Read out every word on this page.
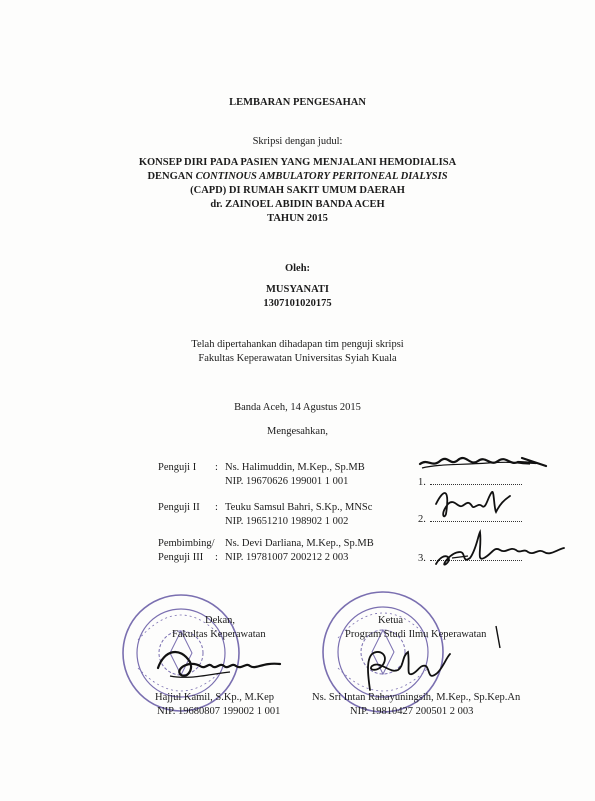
LEMBARAN PENGESAHAN
Skripsi dengan judul:
KONSEP DIRI PADA PASIEN YANG MENJALANI HEMODIALISA
DENGAN CONTINOUS AMBULATORY PERITONEAL DIALYSIS
(CAPD) DI RUMAH SAKIT UMUM DAERAH
dr. ZAINOEL ABIDIN BANDA ACEH
TAHUN 2015
Oleh:
MUSYANATI
1307101020175
Telah dipertahankan dihadapan tim penguji skripsi
Fakultas Keperawatan Universitas Syiah Kuala
Banda Aceh, 14 Agustus 2015
Mengesahkan,
Penguji I : Ns. Halimuddin, M.Kep., Sp.MB
NIP. 19670626 199001 1 001	1.
Penguji II : Teuku Samsul Bahri, S.Kp., MNSc
NIP. 19651210 198902 1 002	2.
Pembimbing/
Penguji III :
Ns. Devi Darliana, M.Kep., Sp.MB
NIP. 19781007 200212 2 003	3.
Dekan,
Fakultas Keperawatan
Hajjul Kamil, S.Kp., M.Kep
NIP. 19680807 199002 1 001
Ketua
Program Studi Ilmu Keperawatan
Ns. Sri Intan Rahayuningsih, M.Kep., Sp.Kep.An
NIP. 19810427 200501 2 003
